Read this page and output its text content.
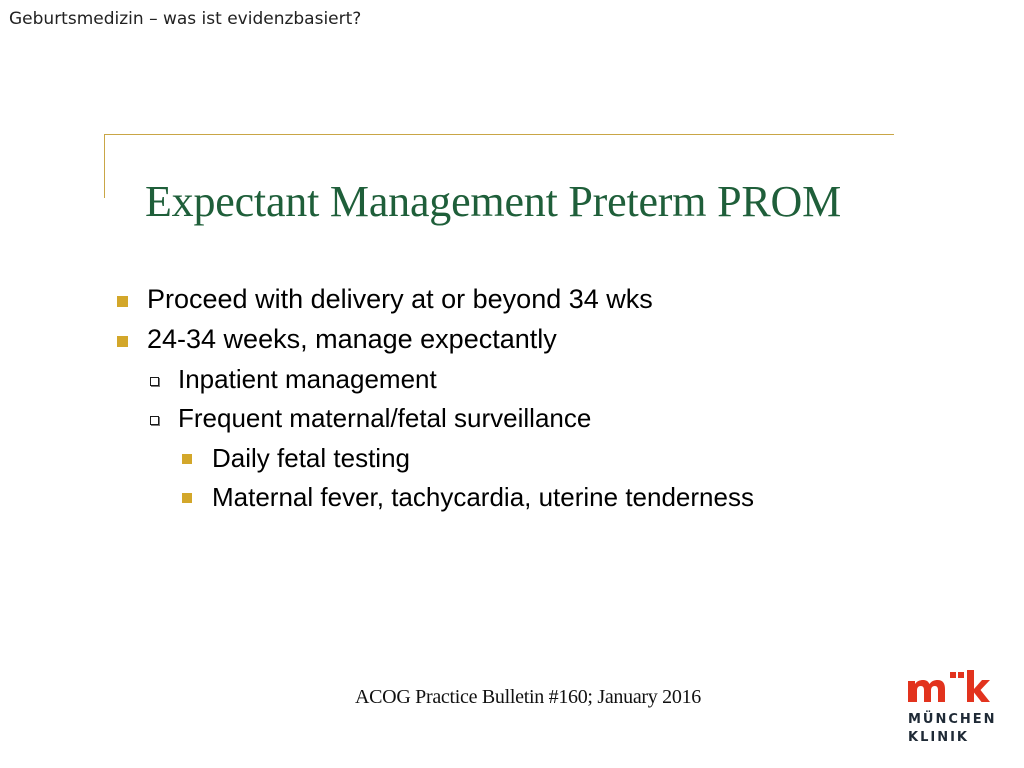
Geburtsmedizin – was ist evidenzbasiert?
Expectant Management Preterm PROM
Proceed with delivery at or beyond 34 wks
24-34 weeks, manage expectantly
Inpatient management
Frequent maternal/fetal surveillance
Daily fetal testing
Maternal fever, tachycardia, uterine tenderness
ACOG Practice Bulletin #160; January 2016
MÜNCHEN
KLINIK
